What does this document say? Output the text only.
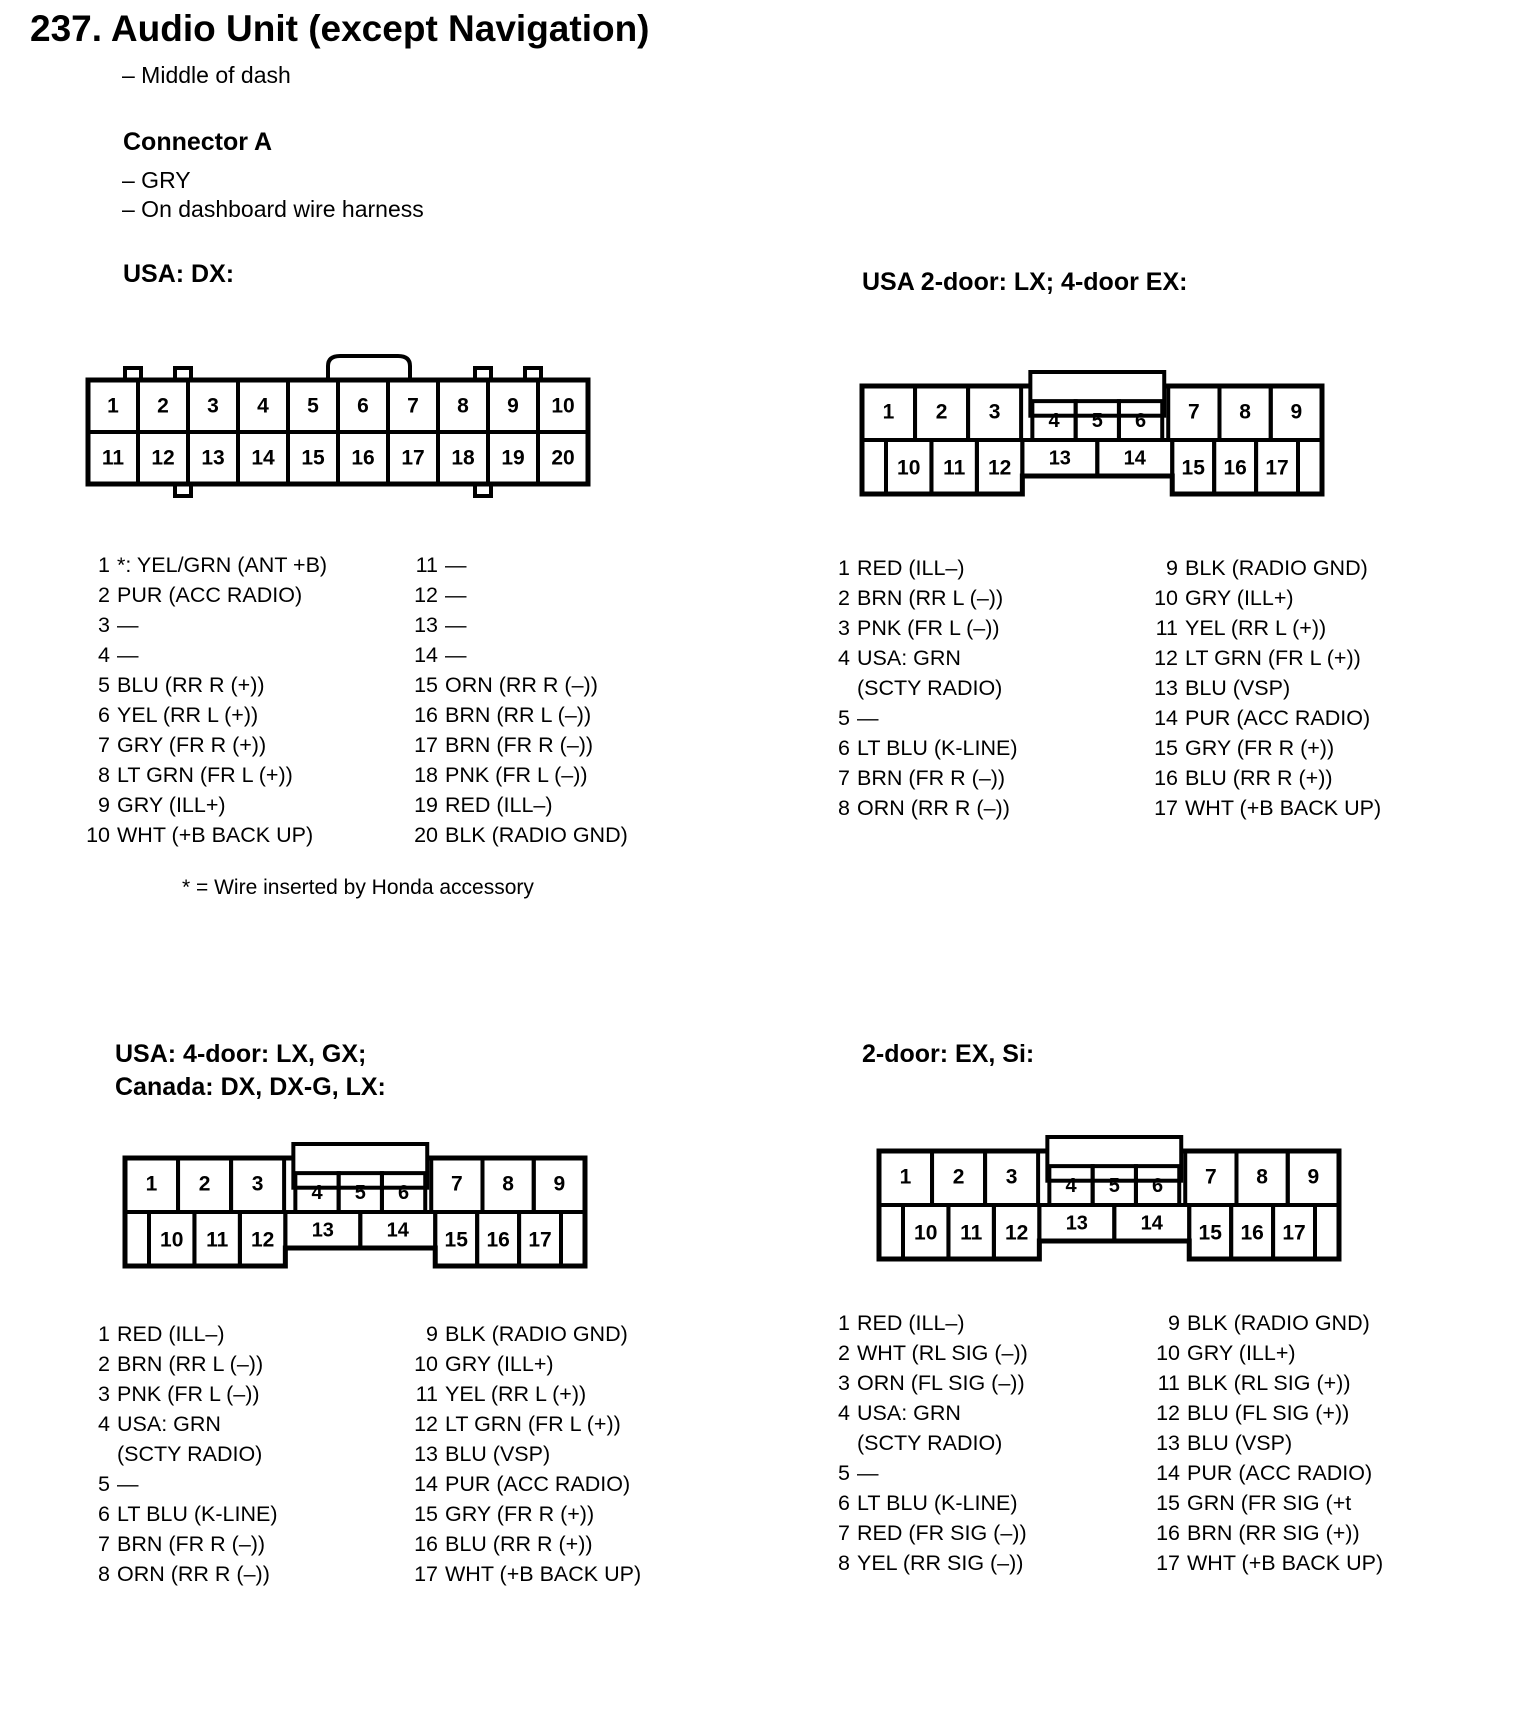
237. Audio Unit (except Navigation)
– Middle of dash
Connector A
– GRY
– On dashboard wire harness
USA: DX:
1 2 3 4 5 6 7 8 9 10
11 12 13 14 15 16 17 18 19 20
1 *: YEL/GRN (ANT +B)
2 PUR (ACC RADIO)
3 —
4 —
5 BLU (RR R (+))
6 YEL (RR L (+))
7 GRY (FR R (+))
8 LT GRN (FR L (+))
9 GRY (ILL+)
10 WHT (+B BACK UP)
11 —
12 —
13 —
14 —
15 ORN (RR R (–))
16 BRN (RR L (–))
17 BRN (FR R (–))
18 PNK (FR L (–))
19 RED (ILL–)
20 BLK (RADIO GND)
* = Wire inserted by Honda accessory
USA 2-door: LX; 4-door EX:
1 2 3 4 5 6 7 8 9
10 11 12 13	14 15 16 17
1 RED (ILL–)
2 BRN (RR L (–))
3 PNK (FR L (–))
4 USA: GRN
(SCTY RADIO)
5 —
6 LT BLU (K-LINE)
7 BRN (FR R (–))
8 ORN (RR R (–))
9 BLK (RADIO GND)
10 GRY (ILL+)
11 YEL (RR L (+))
12 LT GRN (FR L (+))
13 BLU (VSP)
14 PUR (ACC RADIO)
15 GRY (FR R (+))
16 BLU (RR R (+))
17 WHT (+B BACK UP)
USA: 4-door: LX, GX;
Canada: DX, DX-G, LX:
1 2 3 4 5 6 7 8 9
10 11 12 13	14 15 16 17
1 RED (ILL–)
2 BRN (RR L (–))
3 PNK (FR L (–))
4 USA: GRN
(SCTY RADIO)
5 —
6 LT BLU (K-LINE)
7 BRN (FR R (–))
8 ORN (RR R (–))
9 BLK (RADIO GND)
10 GRY (ILL+)
11 YEL (RR L (+))
12 LT GRN (FR L (+))
13 BLU (VSP)
14 PUR (ACC RADIO)
15 GRY (FR R (+))
16 BLU (RR R (+))
17 WHT (+B BACK UP)
2-door: EX, Si:
1 2 3 4 5 6 7 8 9
10 11 12 13	14 15 16 17
1 RED (ILL–)
2 WHT (RL SIG (–))
3 ORN (FL SIG (–))
4 USA: GRN
(SCTY RADIO)
5 —
6 LT BLU (K-LINE)
7 RED (FR SIG (–))
8 YEL (RR SIG (–))
9 BLK (RADIO GND)
10 GRY (ILL+)
11 BLK (RL SIG (+))
12 BLU (FL SIG (+))
13 BLU (VSP)
14 PUR (ACC RADIO)
15 GRN (FR SIG (+t
16 BRN (RR SIG (+))
17 WHT (+B BACK UP)
